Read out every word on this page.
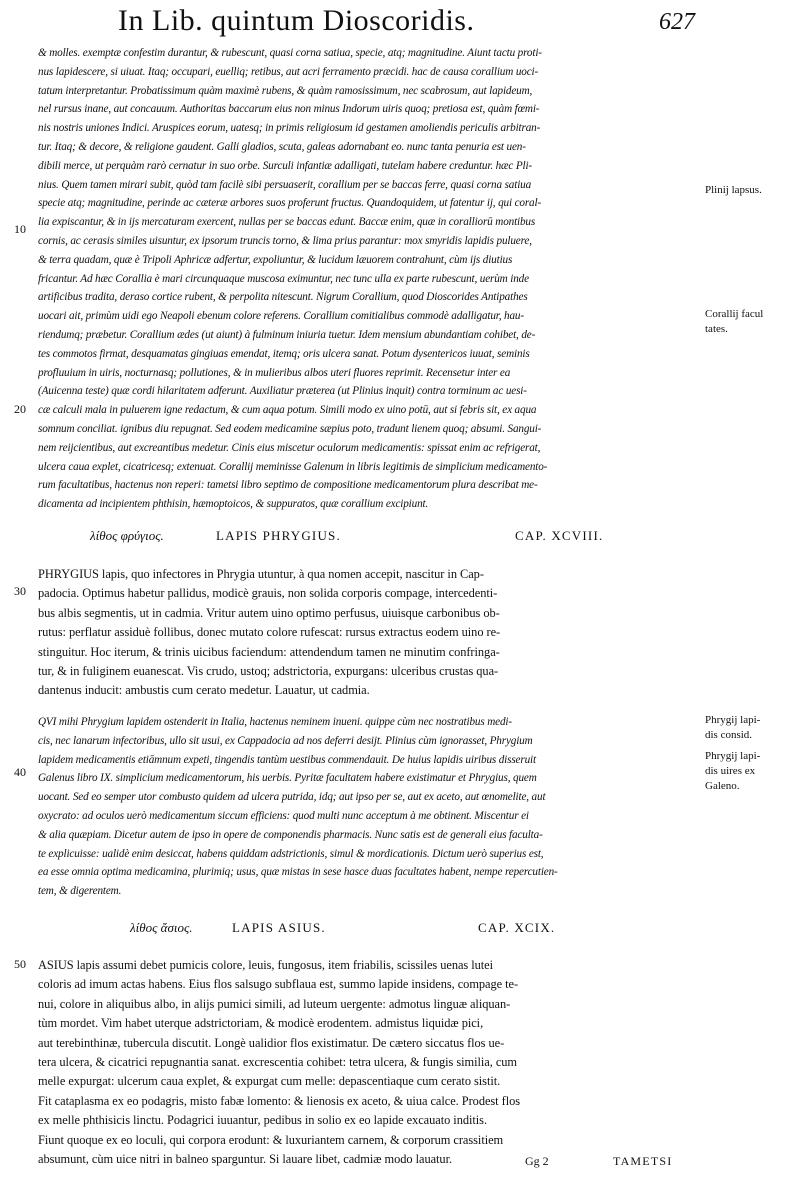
In Lib. quintum Dioscoridis.	627
& molles. exemptæ confestim durantur, & rubescunt, quasi corna satiua, specie, atq; magnitudine. Aiunt tactu proti-
nus lapidescere, si uiuat. Itaq; occupari, euelliq; retibus, aut acri ferramento præcidi. hac de causa corallium uoci-
tatum interpretantur. Probatissimum quàm maximè rubens, & quàm ramosissimum, nec scabrosum, aut lapideum,
nel rursus inane, aut concauum. Authoritas baccarum eius non minus Indorum uiris quoq; pretiosa est, quàm fœmi-
nis nostris uniones Indici. Aruspices eorum, uatesq; in primis religiosum id gestamen amoliendis periculis arbitran-
tur. Itaq; & decore, & religione gaudent. Galli gladios, scuta, galeas adornabant eo. nunc tanta penuria est uen-
dibili merce, ut perquàm rarò cernatur in suo orbe. Surculi infantiæ adalligati, tutelam habere creduntur. hæc Pli-
nius. Quem tamen mirari subit, quòd tam facilè sibi persuaserit, corallium per se baccas ferre, quasi corna satiua
specie atq; magnitudine, perinde ac cæteræ arbores suos proferunt fructus. Quandoquidem, ut fatentur ij, qui coral-
lia expiscantur, & in ijs mercaturam exercent, nullas per se baccas edunt. Baccæ enim, quæ in coralliorū montibus
cornis, ac cerasis similes uisuntur, ex ipsorum truncis torno, & lima prius parantur: mox smyridis lapidis puluere,
& terra quadam, quæ è Tripoli Aphricæ adfertur, expoliuntur, & lucidum læuorem contrahunt, cùm ijs diutius
fricantur. Ad hæc Corallia è mari circunquaque muscosa eximuntur, nec tunc ulla ex parte rubescunt, uerùm inde
artificibus tradita, deraso cortice rubent, & perpolita nitescunt. Nigrum Corallium, quod Dioscorides Antipathes
uocari ait, primùm uidi ego Neapoli ebenum colore referens. Corallium comitialibus commodè adalligatur, hau-
riendumq; præbetur. Corallium ædes (ut aiunt) à fulminum iniuria tuetur. Idem mensium abundantiam cohibet, de-
tes commotos firmat, desquamatas gingiuas emendat, itemq; oris ulcera sanat. Potum dysentericos iuuat, seminis
profluuium in uiris, nocturnasq; pollutiones, & in mulieribus albos uteri fluores reprimit. Recensetur inter ea
(Auicenna teste) quæ cordi hilaritatem adferunt. Auxiliatur præterea (ut Plinius inquit) contra torminum ac uesi-
cæ calculi mala in puluerem igne redactum, & cum aqua potum. Simili modo ex uino potū, aut si febris sit, ex aqua
somnum conciliat. ignibus diu repugnat. Sed eodem medicamine sæpius poto, tradunt lienem quoq; absumi. Sangui-
nem reijcientibus, aut excreantibus medetur. Cinis eius miscetur oculorum medicamentis: spissat enim ac refrigerat,
ulcera caua explet, cicatricesq; extenuat. Corallij meminisse Galenum in libris legitimis de simplicium medicamento-
rum facultatibus, hactenus non reperi: tametsi libro septimo de compositione medicamentorum plura describat me-
dicamenta ad incipientem phthisin, hæmoptoicos, & suppuratos, quæ corallium excipiunt.
Plinij lapsus.
Corallij facul
tates.
Phrygij lapi-
dis consid.
Phrygij lapi-
dis uires ex
Galeno.
10
20
30
40
50
λίθος φρύγιος.	LAPIS PHRYGIUS.	CAP. XCVIII.
PHRYGIUS lapis, quo infectores in Phrygia utuntur, à qua nomen accepit, nascitur in Cap-
padocia. Optimus habetur pallidus, modicè grauis, non solida corporis compage, intercedenti-
bus albis segmentis, ut in cadmia. Vritur autem uino optimo perfusus, uiuisque carbonibus ob-
rutus: perflatur assiduè follibus, donec mutato colore rufescat: rursus extractus eodem uino re-
stinguitur. Hoc iterum, & trinis uicibus faciendum: attendendum tamen ne minutim confringa-
tur, & in fuliginem euanescat. Vis crudo, ustoq; adstrictoria, expurgans: ulceribus crustas qua-
dantenus inducit: ambustis cum cerato medetur. Lauatur, ut cadmia.
QVI mihi Phrygium lapidem ostenderit in Italia, hactenus neminem inueni. quippe cùm nec nostratibus medi-
cis, nec lanarum infectoribus, ullo sit usui, ex Cappadocia ad nos deferri desijt. Plinius cùm ignorasset, Phrygium
lapidem medicamentis etiāmnum expeti, tingendis tantùm uestibus commendauit. De huius lapidis uiribus disseruit
Galenus libro IX. simplicium medicamentorum, his uerbis. Pyritæ facultatem habere existimatur et Phrygius, quem
uocant. Sed eo semper utor combusto quidem ad ulcera putrida, idq; aut ipso per se, aut ex aceto, aut œnomelite, aut
oxycrato: ad oculos uerò medicamentum siccum efficiens: quod multi nunc acceptum à me obtinent. Miscentur ei
& alia quæpiam. Dicetur autem de ipso in opere de componendis pharmacis. Nunc satis est de generali eius faculta-
te explicuisse: ualidè enim desiccat, habens quiddam adstrictionis, simul & mordicationis. Dictum uerò superius est,
ea esse omnia optima medicamina, plurimiq; usus, quæ mistas in sese hasce duas facultates habent, nempe repercutien-
tem, & digerentem.
λίθος ἄσιος.	LAPIS ASIUS.	CAP. XCIX.
ASIUS lapis assumi debet pumicis colore, leuis, fungosus, item friabilis, scissiles uenas lutei
coloris ad imum actas habens. Eius flos salsugo subflaua est, summo lapide insidens, compage te-
nui, colore in aliquibus albo, in alijs pumici simili, ad luteum uergente: admotus linguæ aliquan-
tùm mordet. Vim habet uterque adstrictoriam, & modicè erodentem. admistus liquidæ pici,
aut terebinthinæ, tubercula discutit. Longè ualidior flos existimatur. De cætero siccatus flos ue-
tera ulcera, & cicatrici repugnantia sanat. excrescentia cohibet: tetra ulcera, & fungis similia, cum
melle expurgat: ulcerum caua explet, & expurgat cum melle: depascentiaque cum cerato sistit.
Fit cataplasma ex eo podagris, misto fabæ lomento: & lienosis ex aceto, & uiua calce. Prodest flos
ex melle phthisicis linctu. Podagrici iuuantur, pedibus in solio ex eo lapide excauato inditis.
Fiunt quoque ex eo loculi, qui corpora erodunt: & luxuriantem carnem, & corporum crassitiem
absumunt, cùm uice nitri in balneo sparguntur. Si lauare libet, cadmiæ modo lauatur.	Gg 2	TAMETSI
